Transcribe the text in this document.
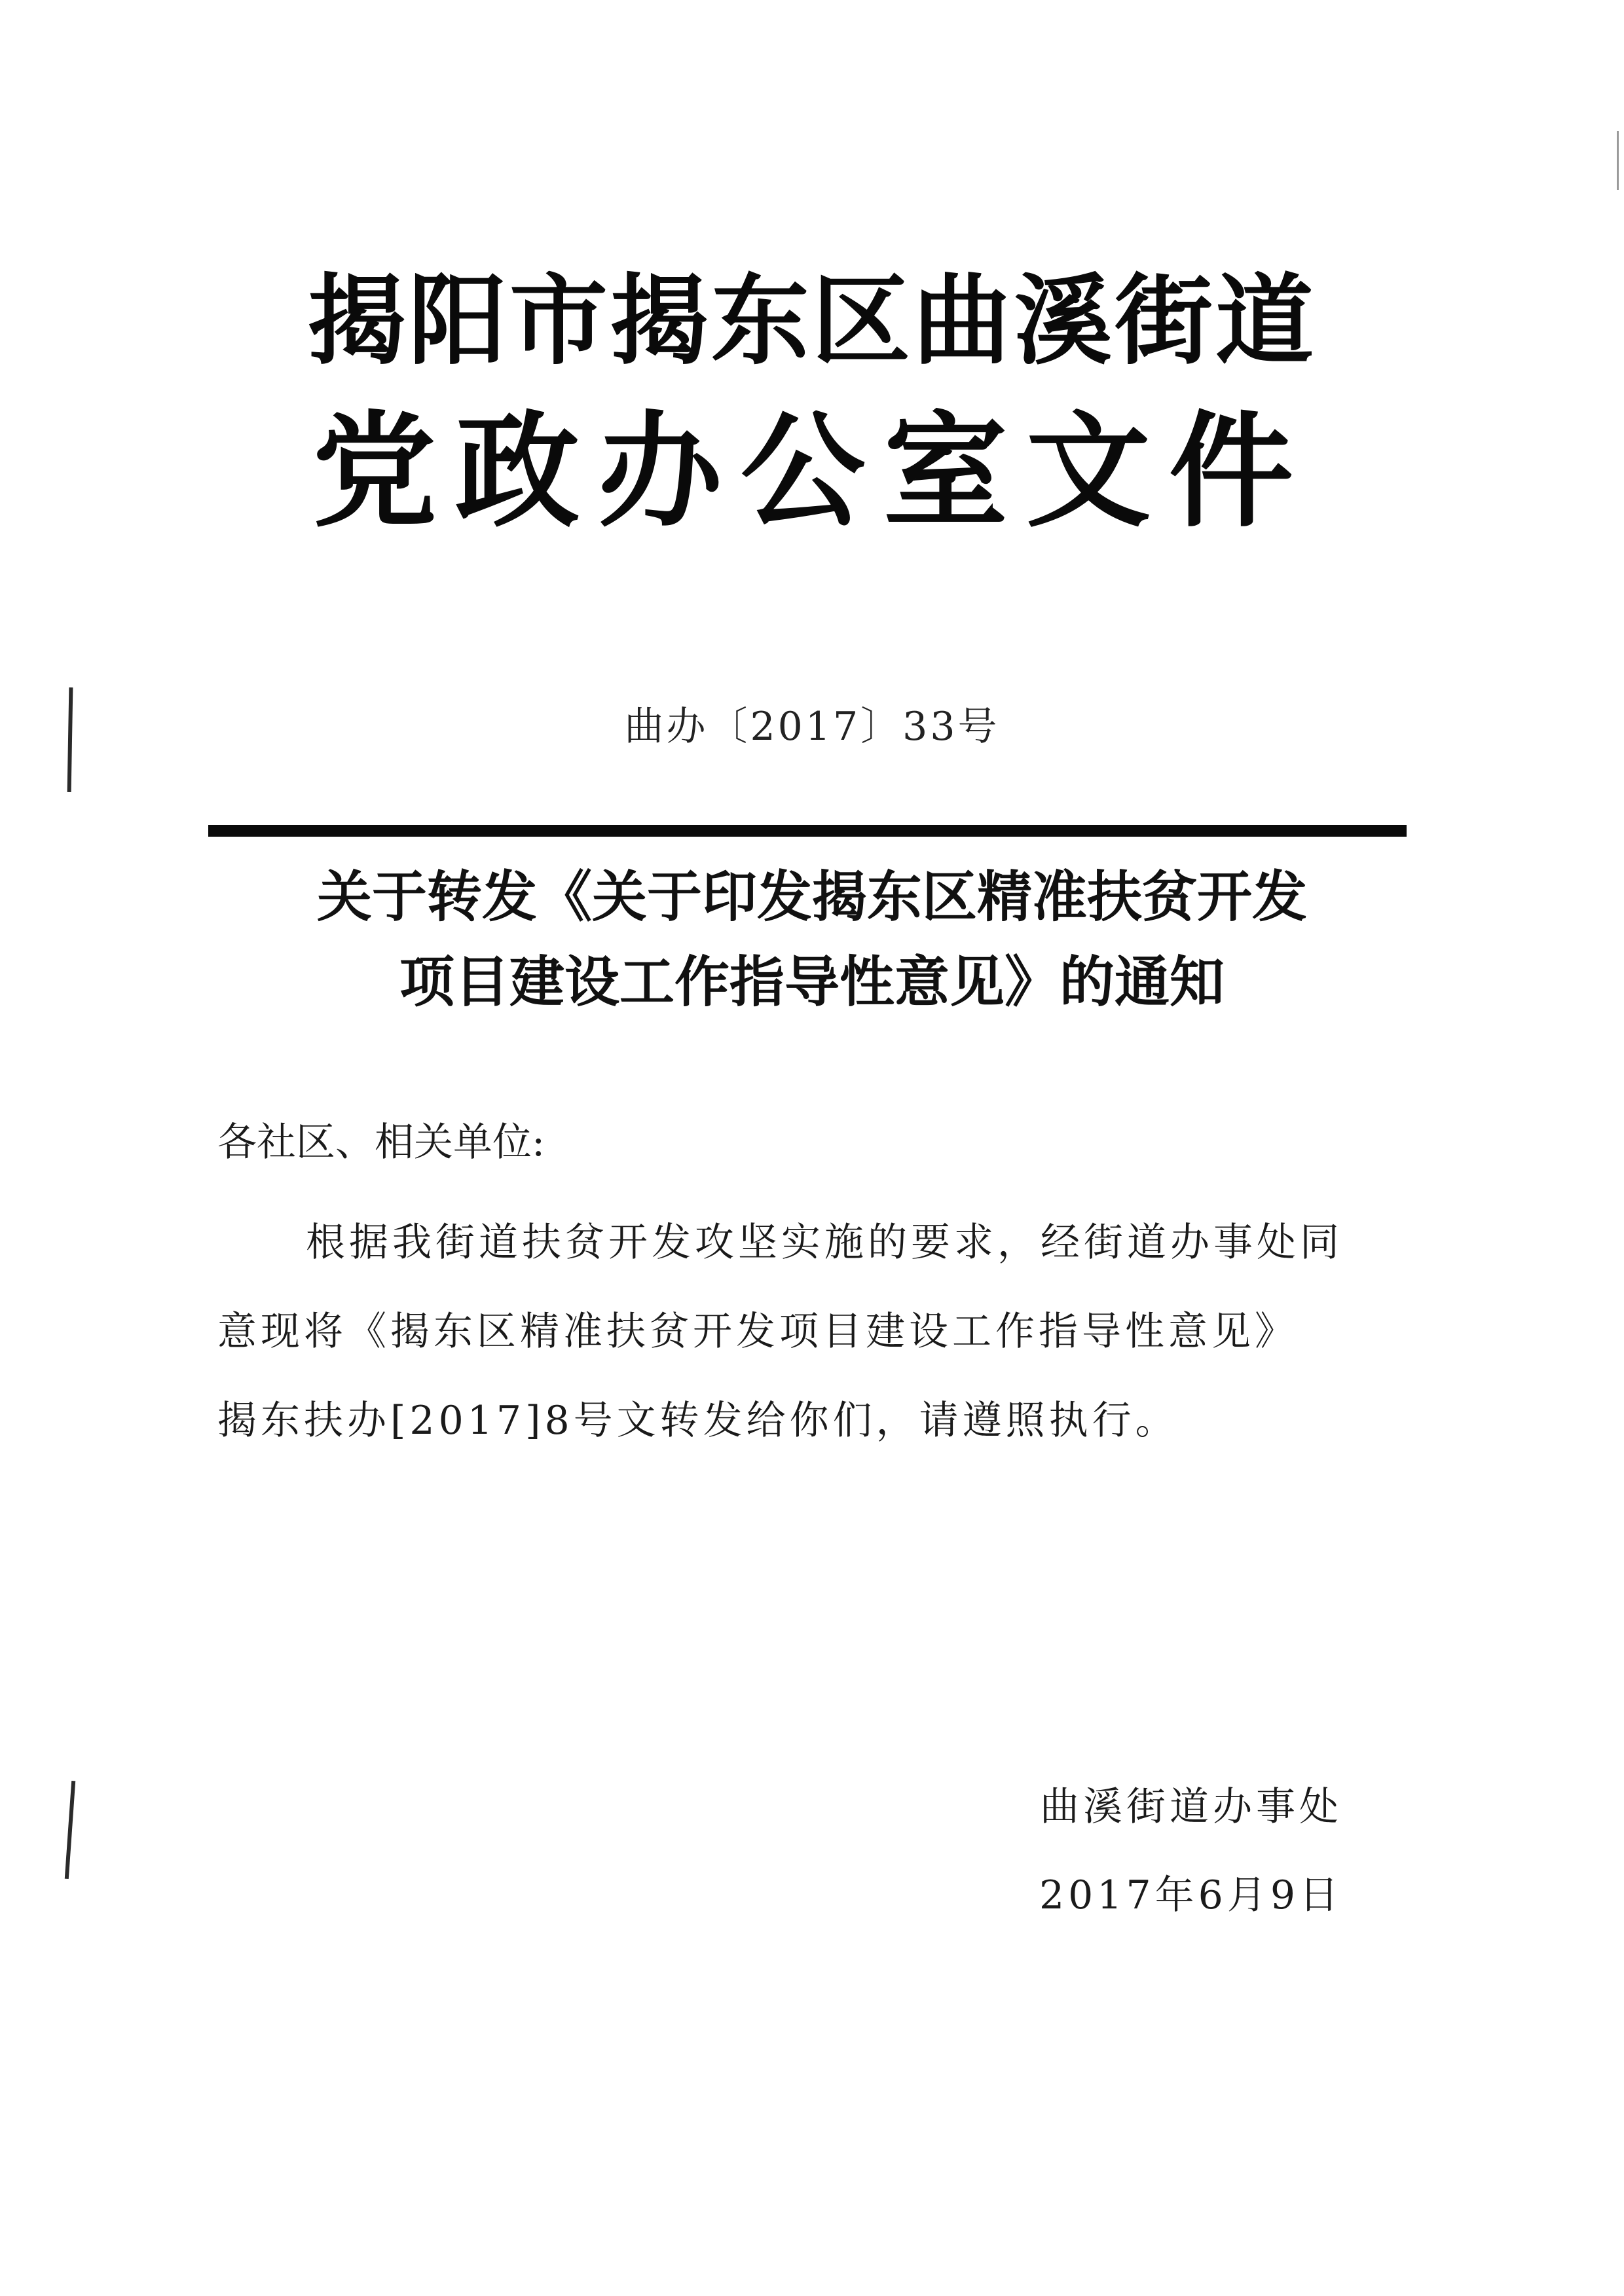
揭阳市揭东区曲溪街道
党政办公室文件
曲办〔2017〕33号
关于转发《关于印发揭东区精准扶贫开发
项目建设工作指导性意见》的通知
各社区、相关单位:
根据我街道扶贫开发攻坚实施的要求，经街道办事处同
意现将《揭东区精准扶贫开发项目建设工作指导性意见》
揭东扶办[2017]8号文转发给你们，请遵照执行。
曲溪街道办事处
2017年6月9日
